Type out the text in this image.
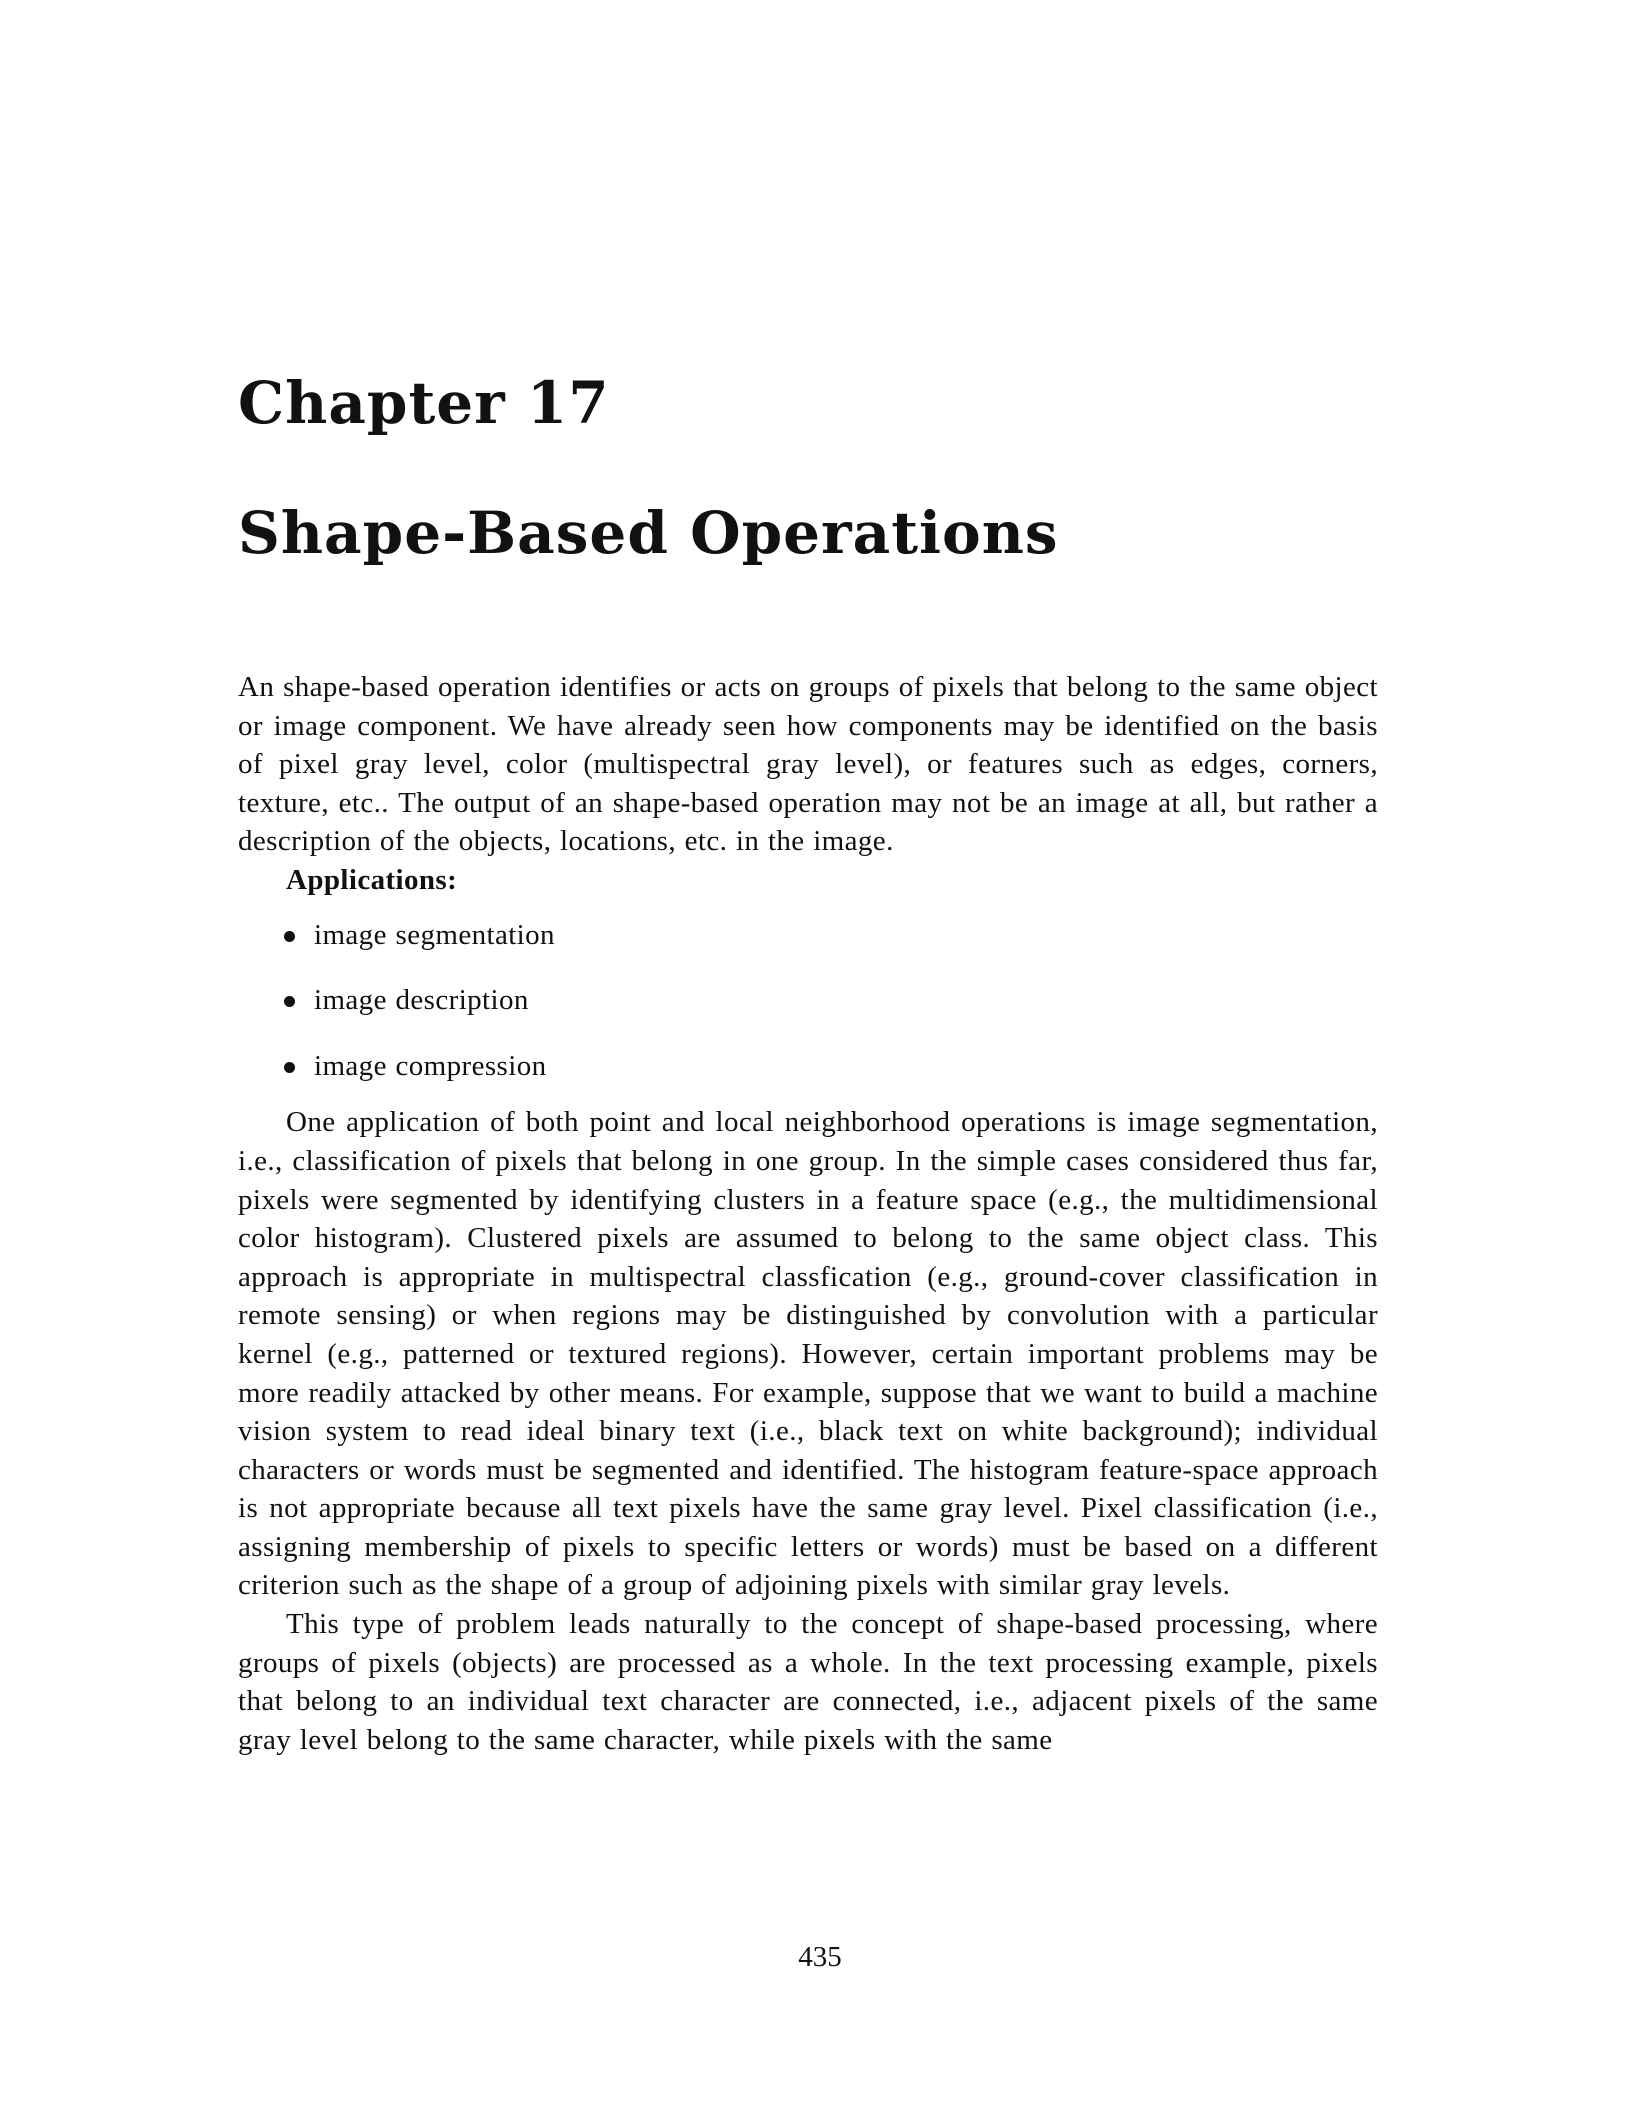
Chapter 17
Shape-Based Operations

An shape-based operation identifies or acts on groups of pixels that belong to the same object or image component. We have already seen how components may be identified on the basis of pixel gray level, color (multispectral gray level), or features such as edges, corners, texture, etc.. The output of an shape-based operation may not be an image at all, but rather a description of the objects, locations, etc. in the image.

Applications:

image segmentation
image description
image compression

One application of both point and local neighborhood operations is image segmentation, i.e., classification of pixels that belong in one group. In the simple cases considered thus far, pixels were segmented by identifying clusters in a feature space (e.g., the multidimensional color histogram). Clustered pixels are assumed to belong to the same object class. This approach is appropriate in multispectral classfication (e.g., ground-cover classification in remote sensing) or when regions may be distinguished by convolution with a particular kernel (e.g., patterned or textured regions). However, certain important problems may be more readily attacked by other means. For example, suppose that we want to build a machine vision system to read ideal binary text (i.e., black text on white background); individual characters or words must be segmented and identified. The histogram feature-space approach is not appropriate because all text pixels have the same gray level. Pixel classification (i.e., assigning membership of pixels to specific letters or words) must be based on a different criterion such as the shape of a group of adjoining pixels with similar gray levels.

This type of problem leads naturally to the concept of shape-based processing, where groups of pixels (objects) are processed as a whole. In the text processing example, pixels that belong to an individual text character are connected, i.e., adjacent pixels of the same gray level belong to the same character, while pixels with the same

435
